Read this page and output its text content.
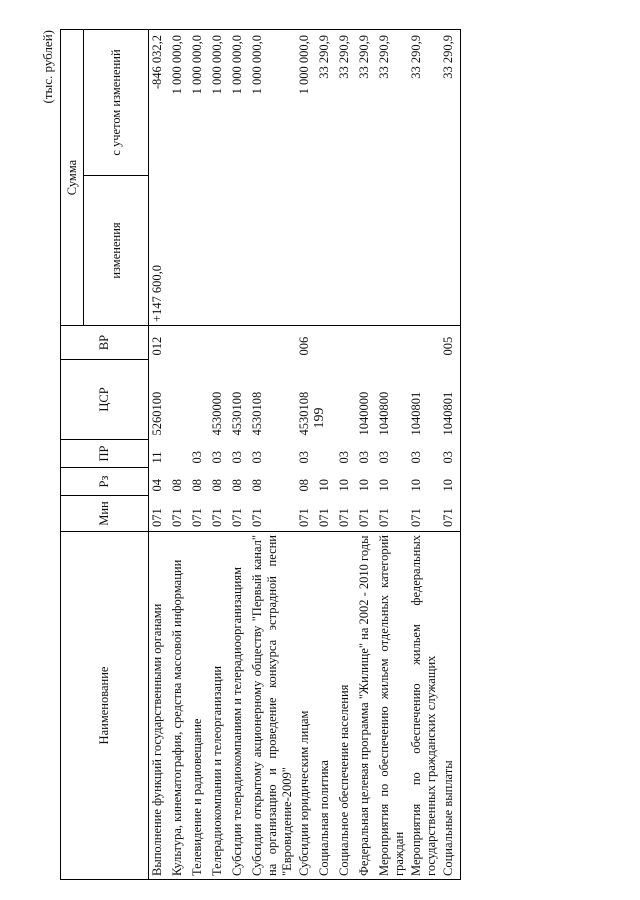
199
(тыс. рублей)
Наименование	Мин	Рз	ПР	ЦСР	ВР	Сумма	
						изменения	с учетом изменений
Выполнение функций государственными органами	071	04	11	5260100	012	+147 600,0	-846 032,2
Культура, кинематография, средства массовой информации	071	08					1 000 000,0
Телевидение и радиовещание	071	08	03				1 000 000,0
Телерадиокомпании и телеорганизации	071	08	03	4530000			1 000 000,0
Субсидии телерадиокомпаниям и телерадиоорганизациям	071	08	03	4530100			1 000 000,0
Субсидии открытому акционерному обществу "Первый канал" на организацию и проведение конкурса эстрадной песни "Евровидение-2009"	071	08	03	4530108			1 000 000,0
Субсидии юридическим лицам	071	08	03	4530108	006		1 000 000,0
Социальная политика	071	10					33 290,9
Социальное обеспечение населения	071	10	03				33 290,9
Федеральная целевая программа "Жилище" на 2002 - 2010 годы	071	10	03	1040000			33 290,9
Мероприятия по обеспечению жильем отдельных категорий граждан	071	10	03	1040800			33 290,9
Мероприятия по обеспечению жильем федеральных государственных гражданских служащих	071	10	03	1040801			33 290,9
Социальные выплаты	071	10	03	1040801	005		33 290,9
